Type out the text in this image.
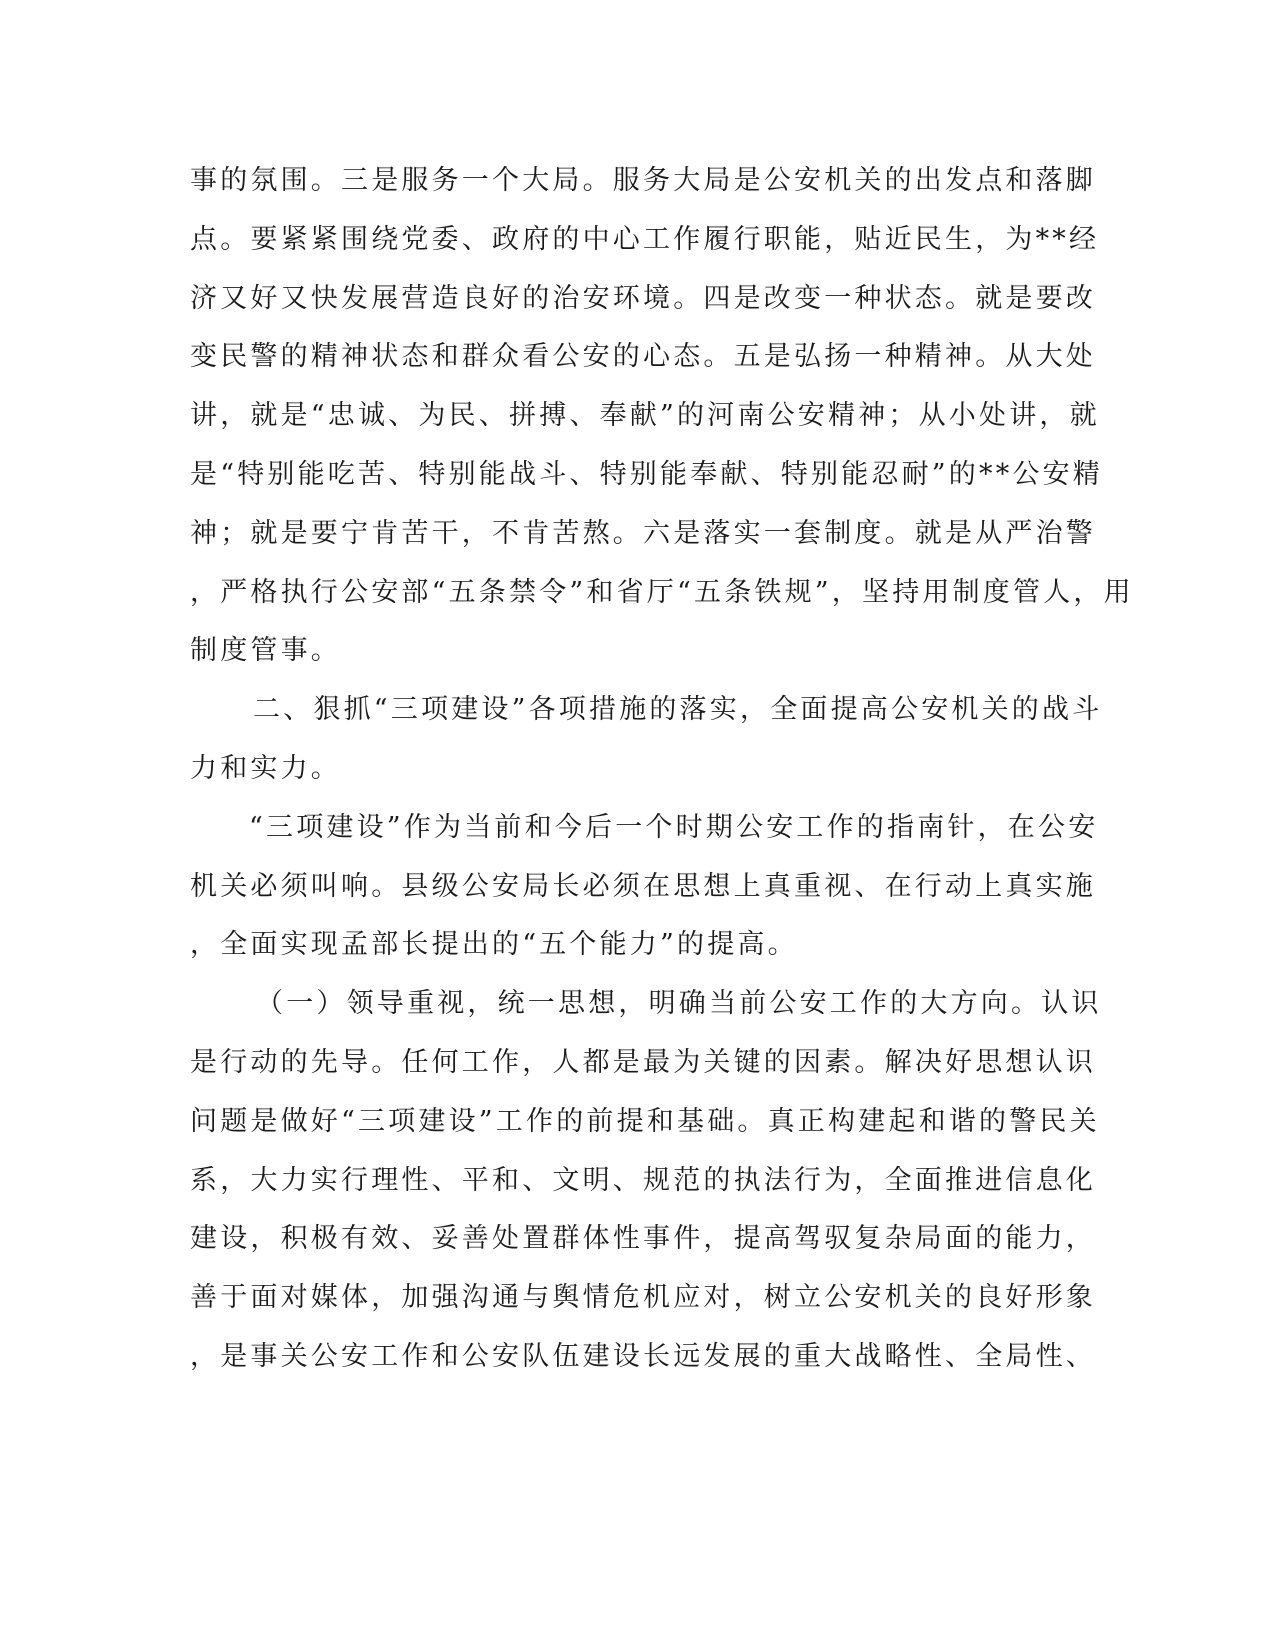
事的氛围。三是服务一个大局。服务大局是公安机关的出发点和落脚
点。要紧紧围绕党委、政府的中心工作履行职能，贴近民生，为**经
济又好又快发展营造良好的治安环境。四是改变一种状态。就是要改
变民警的精神状态和群众看公安的心态。五是弘扬一种精神。从大处
讲，就是“忠诚、为民、拼搏、奉献”的河南公安精神；从小处讲，就
是“特别能吃苦、特别能战斗、特别能奉献、特别能忍耐”的**公安精
神；就是要宁肯苦干，不肯苦熬。六是落实一套制度。就是从严治警
，严格执行公安部“五条禁令”和省厅“五条铁规”，坚持用制度管人，用
制度管事。
二、狠抓“三项建设”各项措施的落实，全面提高公安机关的战斗
力和实力。
“三项建设”作为当前和今后一个时期公安工作的指南针，在公安
机关必须叫响。县级公安局长必须在思想上真重视、在行动上真实施
，全面实现孟部长提出的“五个能力”的提高。
（一）领导重视，统一思想，明确当前公安工作的大方向。认识
是行动的先导。任何工作，人都是最为关键的因素。解决好思想认识
问题是做好“三项建设”工作的前提和基础。真正构建起和谐的警民关
系，大力实行理性、平和、文明、规范的执法行为，全面推进信息化
建设，积极有效、妥善处置群体性事件，提高驾驭复杂局面的能力，
善于面对媒体，加强沟通与舆情危机应对，树立公安机关的良好形象
，是事关公安工作和公安队伍建设长远发展的重大战略性、全局性、
